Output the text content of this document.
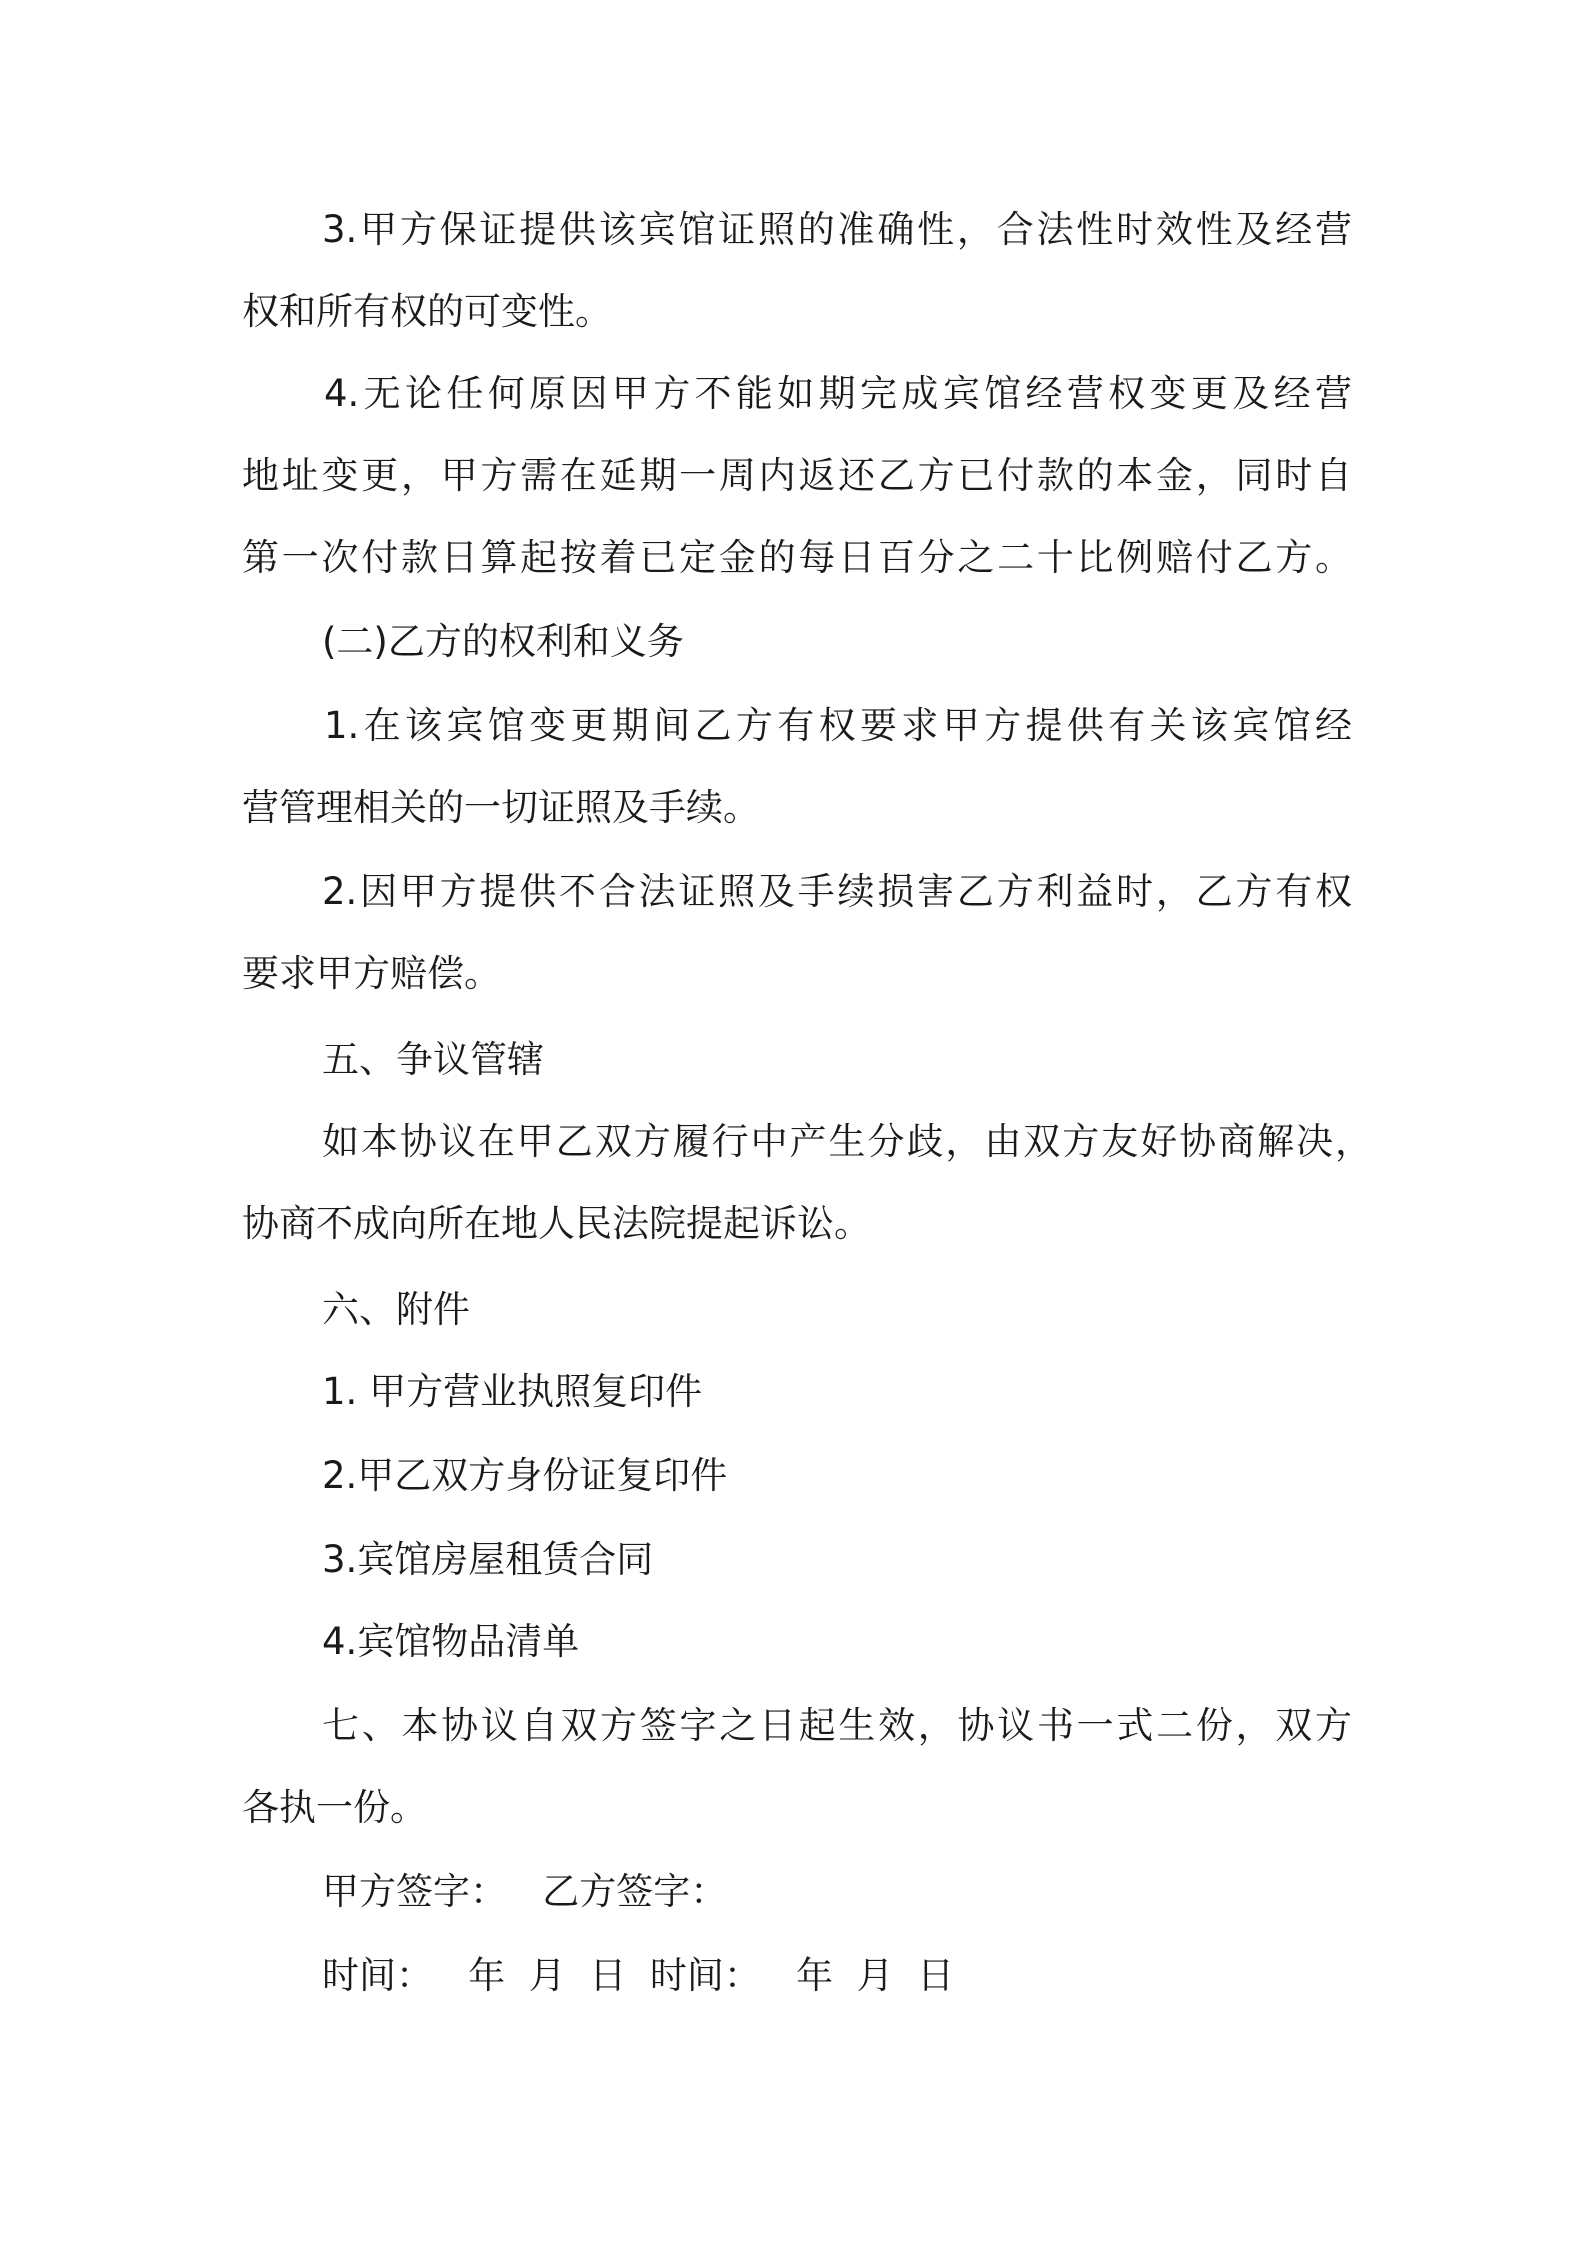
3.甲方保证提供该宾馆证照的准确性，合法性时效性及经营
权和所有权的可变性。
4.无论任何原因甲方不能如期完成宾馆经营权变更及经营
地址变更，甲方需在延期一周内返还乙方已付款的本金，同时自
第一次付款日算起按着已定金的每日百分之二十比例赔付乙方。
(二)乙方的权利和义务
1.在该宾馆变更期间乙方有权要求甲方提供有关该宾馆经
营管理相关的一切证照及手续。
2.因甲方提供不合法证照及手续损害乙方利益时，乙方有权
要求甲方赔偿。
五、争议管辖
如本协议在甲乙双方履行中产生分歧，由双方友好协商解决，
协商不成向所在地人民法院提起诉讼。
六、附件
1. 甲方营业执照复印件
2.甲乙双方身份证复印件
3.宾馆房屋租赁合同
4.宾馆物品清单
七、本协议自双方签字之日起生效，协议书一式二份，双方
各执一份。
甲方签字：   乙方签字：
时间：   年  月  日  时间：   年  月  日
